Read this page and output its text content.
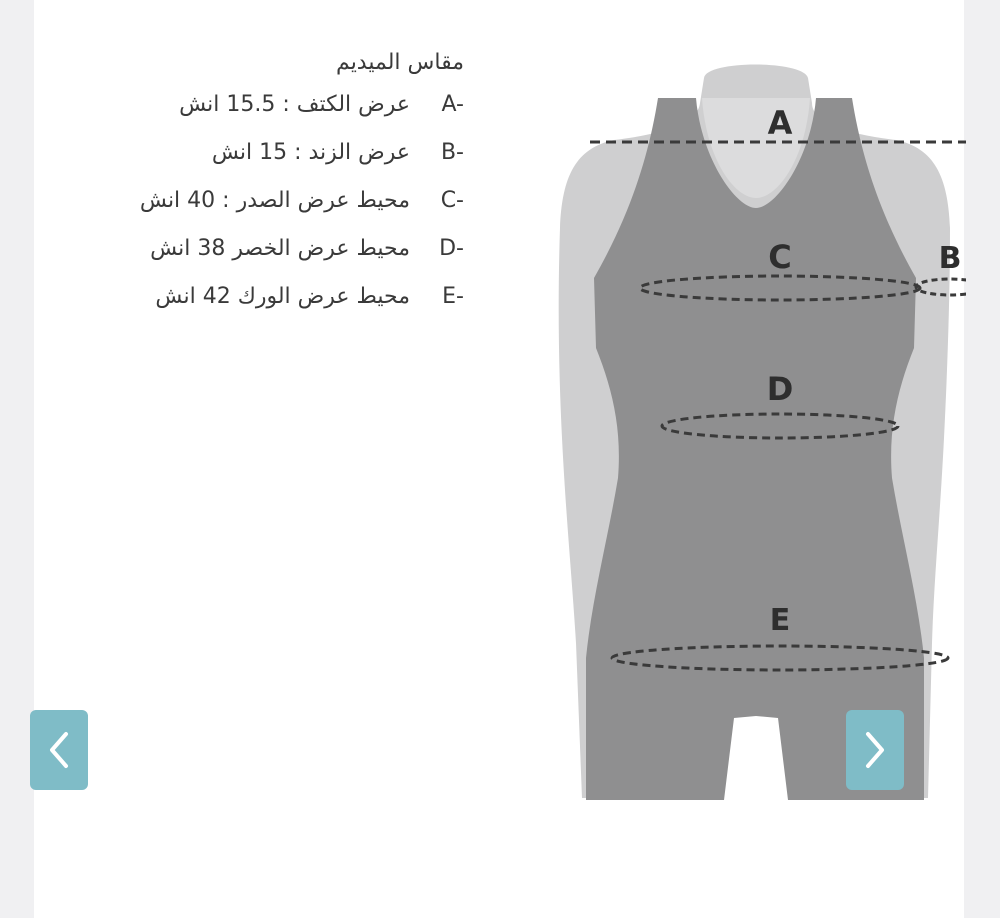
مقاس الميديم
A-
عرض الكتف : 15.5 انش
B-
عرض الزند : 15 انش
C-
محيط عرض الصدر : 40 انش
D-
محيط عرض الخصر 38 انش
E-
محيط عرض الورك 42 انش
A
C	B
D
E
